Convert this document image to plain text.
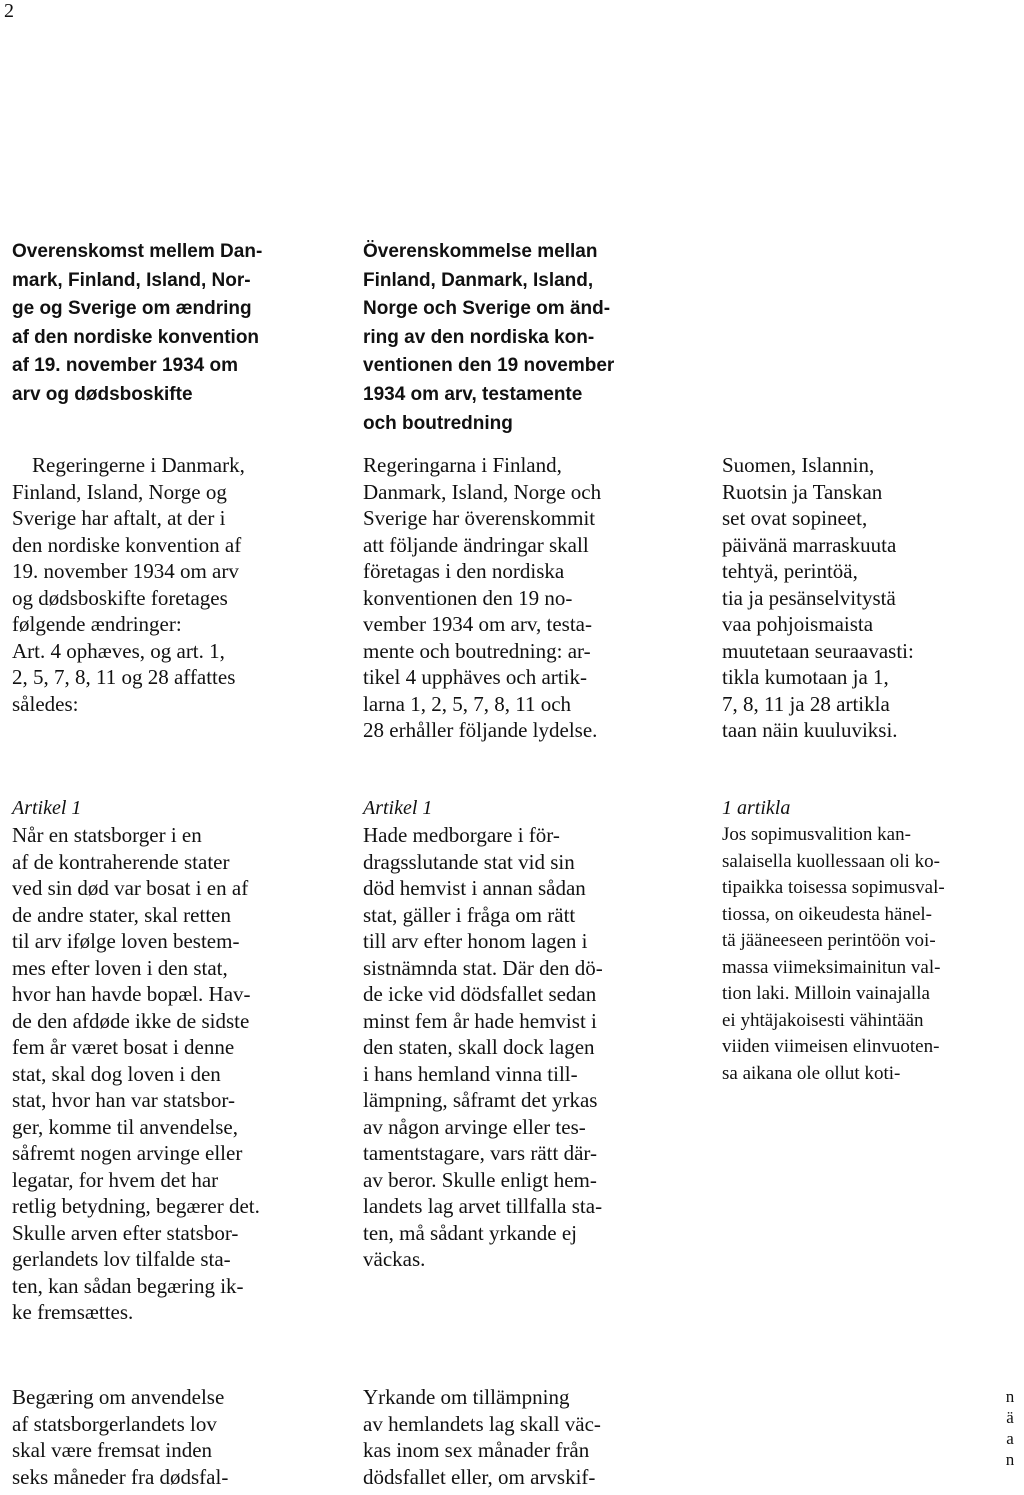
2
Overenskomst mellem Dan-
mark, Finland, Island, Nor-
ge og Sverige om ændring
af den nordiske konvention
af 19. november 1934 om
arv og dødsboskifte
Överenskommelse mellan
Finland, Danmark, Island,
Norge och Sverige om änd-
ring av den nordiska kon-
ventionen den 19 november
1934 om arv, testamente
och boutredning
Regeringerne i Danmark,
Finland, Island, Norge og
Sverige har aftalt, at der i
den nordiske konvention af
19. november 1934 om arv
og dødsboskifte foretages
følgende ændringer:
Art. 4 ophæves, og art. 1,
2, 5, 7, 8, 11 og 28 affattes
således:
Regeringarna i Finland,
Danmark, Island, Norge och
Sverige har överenskommit
att följande ändringar skall
företagas i den nordiska
konventionen den 19 no-
vember 1934 om arv, testa-
mente och boutredning: ar-
tikel 4 upphäves och artik-
larna 1, 2, 5, 7, 8, 11 och
28 erhåller följande lydelse.
Suomen, Islannin,
Ruotsin ja Tanskan
set ovat sopineet,
päivänä marraskuuta
tehtyä, perintöä,
tia ja pesänselvitystä
vaa pohjoismaista
muutetaan seuraavasti:
tikla kumotaan ja 1,
7, 8, 11 ja 28 artikla
taan näin kuuluviksi.
Artikel 1	Artikel 1	1 artikla
Når en statsborger i en
af de kontraherende stater
ved sin død var bosat i en af
de andre stater, skal retten
til arv ifølge loven bestem-
mes efter loven i den stat,
hvor han havde bopæl. Hav-
de den afdøde ikke de sidste
fem år været bosat i denne
stat, skal dog loven i den
stat, hvor han var statsbor-
ger, komme til anvendelse,
såfremt nogen arvinge eller
legatar, for hvem det har
retlig betydning, begærer det.
Skulle arven efter statsbor-
gerlandets lov tilfalde sta-
ten, kan sådan begæring ik-
ke fremsættes.
Hade medborgare i för-
dragsslutande stat vid sin
död hemvist i annan sådan
stat, gäller i fråga om rätt
till arv efter honom lagen i
sistnämnda stat. Där den dö-
de icke vid dödsfallet sedan
minst fem år hade hemvist i
den staten, skall dock lagen
i hans hemland vinna till-
lämpning, såframt det yrkas
av någon arvinge eller tes-
tamentstagare, vars rätt där-
av beror. Skulle enligt hem-
landets lag arvet tillfalla sta-
ten, må sådant yrkande ej
väckas.
Jos sopimusvalition kan-
salaisella kuollessaan oli ko-
tipaikka toisessa sopimusval-
tiossa, on oikeudesta hänel-
tä jääneeseen perintöön voi-
massa viimeksimainitun val-
tion laki. Milloin vainajalla
ei yhtäjakoisesti vähintään
viiden viimeisen elinvuoten-
sa aikana ole ollut koti-
Begæring om anvendelse
af statsborgerlandets lov
skal være fremsat inden
seks måneder fra dødsfal-
Yrkande om tillämpning
av hemlandets lag skall väc-
kas inom sex månader från
dödsfallet eller, om arvskif-
n
ä
a
n
